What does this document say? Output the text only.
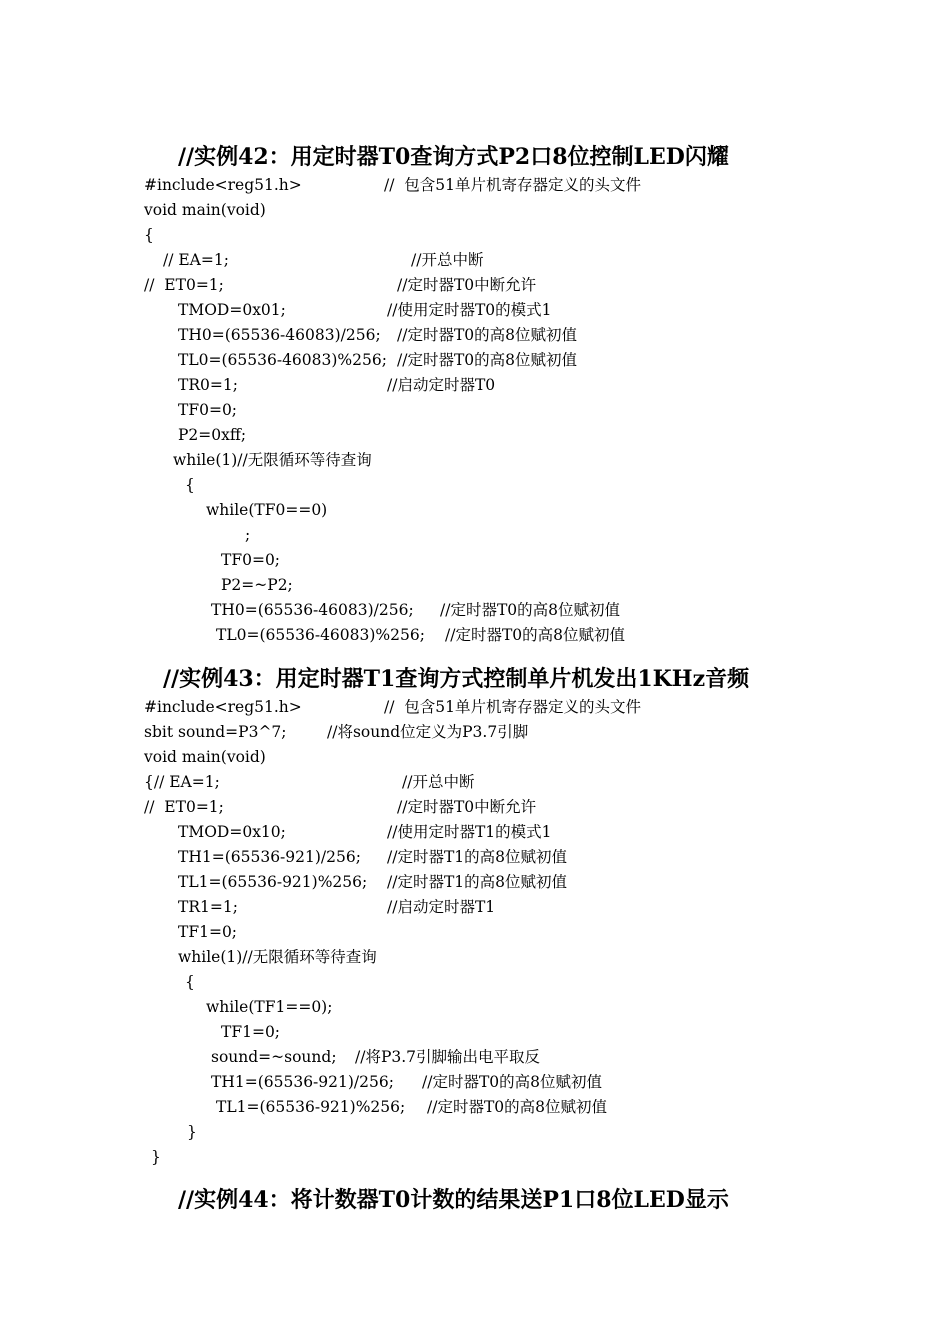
//实例42：用定时器T0查询方式P2口8位控制LED闪耀
#include<reg51.h>	//  包含51单片机寄存器定义的头文件
void main(void)
{
// EA=1;	//开总中断
//  ET0=1;	//定时器T0中断允许
TMOD=0x01;	//使用定时器T0的模式1
TH0=(65536-46083)/256; //定时器T0的高8位赋初值
TL0=(65536-46083)%256; //定时器T0的高8位赋初值
TR0=1;	//启动定时器T0
TF0=0;
P2=0xff;
while(1)//无限循环等待查询
{
while(TF0==0)
;
TF0=0;
P2=~P2;
TH0=(65536-46083)/256; //定时器T0的高8位赋初值
TL0=(65536-46083)%256; //定时器T0的高8位赋初值
//实例43：用定时器T1查询方式控制单片机发出1KHz音频
#include<reg51.h>	//  包含51单片机寄存器定义的头文件
sbit sound=P3^7;	//将sound位定义为P3.7引脚
void main(void)
{// EA=1;	//开总中断
//  ET0=1;	//定时器T0中断允许
TMOD=0x10;	//使用定时器T1的模式1
TH1=(65536-921)/256; //定时器T1的高8位赋初值
TL1=(65536-921)%256; //定时器T1的高8位赋初值
TR1=1;	//启动定时器T1
TF1=0;
while(1)//无限循环等待查询
{
while(TF1==0);
TF1=0;
sound=~sound; //将P3.7引脚输出电平取反
TH1=(65536-921)/256; //定时器T0的高8位赋初值
TL1=(65536-921)%256; //定时器T0的高8位赋初值
}
}
//实例44：将计数器T0计数的结果送P1口8位LED显示
